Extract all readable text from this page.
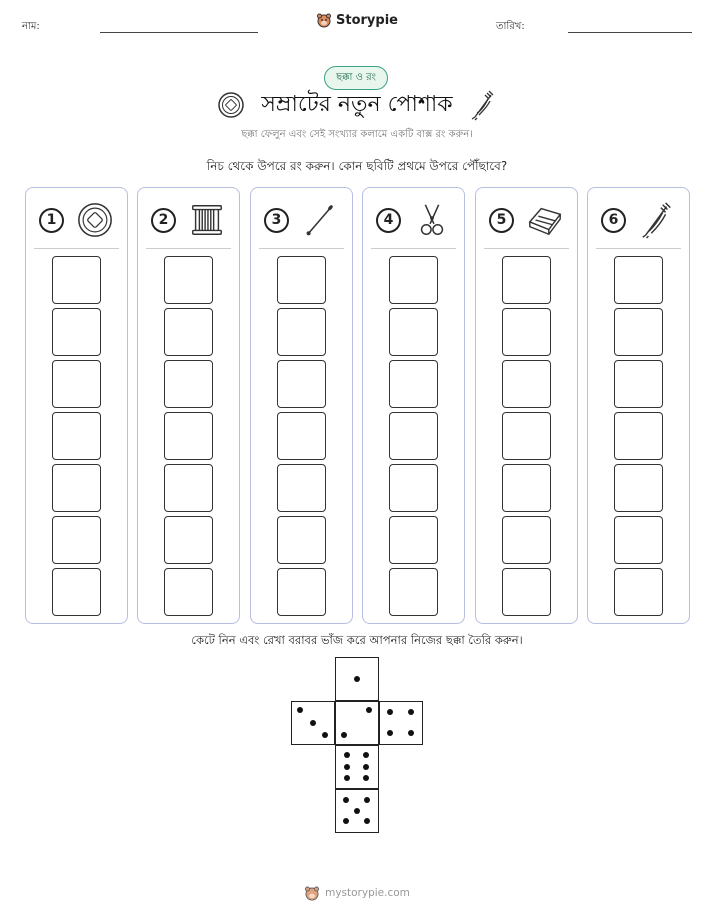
নাম:	Storypie	তারিখ:
ছক্কা ও রং
সম্রাটের নতুন পোশাক
ছক্কা ফেলুন এবং সেই সংখ্যার কলামে একটি বাক্স রং করুন।
নিচ থেকে উপরে রং করুন। কোন ছবিটি প্রথমে উপরে পৌঁছাবে?
1	2	3	4	5	6
কেটে নিন এবং রেখা বরাবর ভাঁজ করে আপনার নিজের ছক্কা তৈরি করুন।
mystorypie.com
